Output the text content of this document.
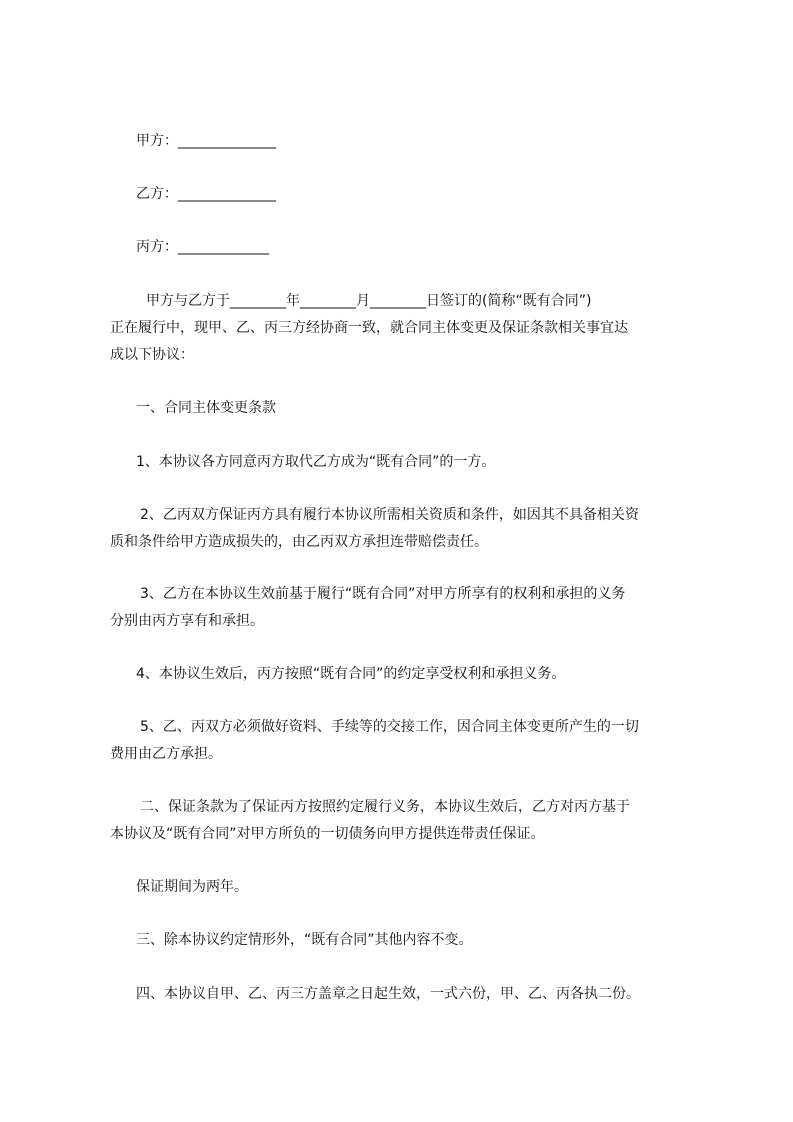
甲方：______________

乙方：______________

丙方：_____________

甲方与乙方于________年________月________日签订的(简称“既有合同”)

正在履行中，现甲、乙、丙三方经协商一致，就合同主体变更及保证条款相关事宜达

成以下协议：

一、合同主体变更条款

1、本协议各方同意丙方取代乙方成为“既有合同”的一方。

2、乙丙双方保证丙方具有履行本协议所需相关资质和条件，如因其不具备相关资

质和条件给甲方造成损失的，由乙丙双方承担连带赔偿责任。

3、乙方在本协议生效前基于履行“既有合同”对甲方所享有的权利和承担的义务

分别由丙方享有和承担。

4、本协议生效后，丙方按照“既有合同”的约定享受权利和承担义务。

5、乙、丙双方必须做好资料、手续等的交接工作，因合同主体变更所产生的一切

费用由乙方承担。

二、保证条款为了保证丙方按照约定履行义务，本协议生效后，乙方对丙方基于

本协议及“既有合同”对甲方所负的一切债务向甲方提供连带责任保证。

保证期间为两年。

三、除本协议约定情形外，“既有合同”其他内容不变。

四、本协议自甲、乙、丙三方盖章之日起生效，一式六份，甲、乙、丙各执二份。
